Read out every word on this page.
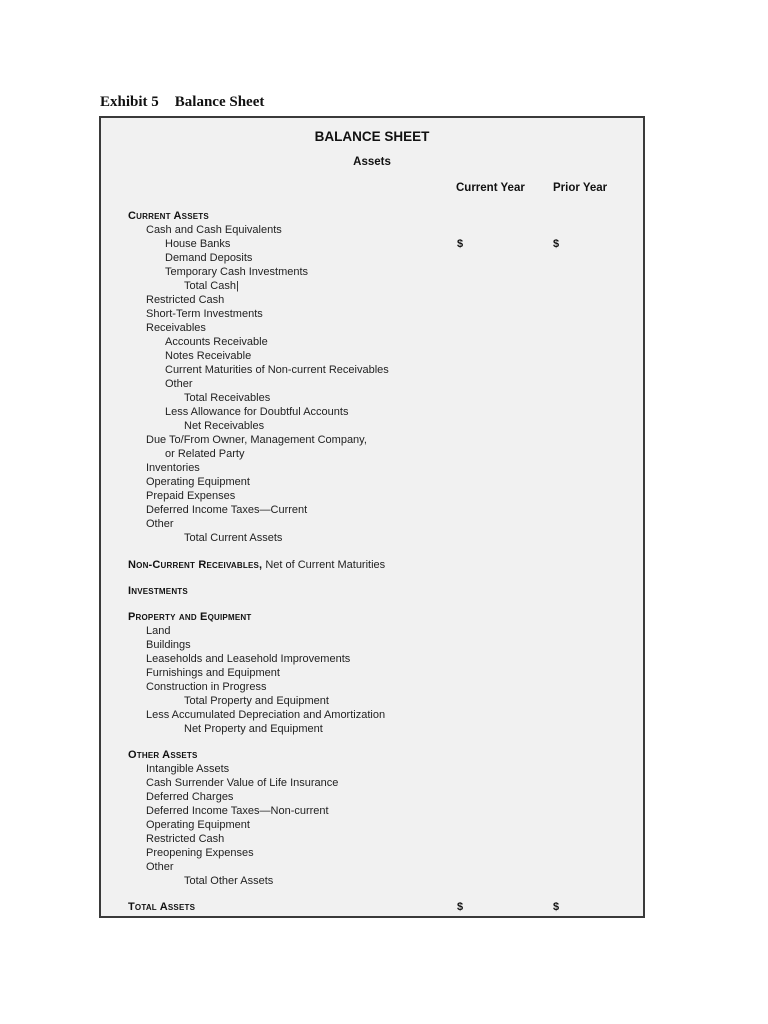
Exhibit 5 Balance Sheet
BALANCE SHEET
Assets
Current Year Prior Year
Current Assets
Cash and Cash Equivalents
House Banks	$	$
Demand Deposits
Temporary Cash Investments
Total Cash|
Restricted Cash
Short-Term Investments
Receivables
Accounts Receivable
Notes Receivable
Current Maturities of Non-current Receivables
Other
Total Receivables
Less Allowance for Doubtful Accounts
Net Receivables
Due To/From Owner, Management Company,
or Related Party
Inventories
Operating Equipment
Prepaid Expenses
Deferred Income Taxes—Current
Other
Total Current Assets
Non-Current Receivables, Net of Current Maturities
Investments
Property and Equipment
Land
Buildings
Leaseholds and Leasehold Improvements
Furnishings and Equipment
Construction in Progress
Total Property and Equipment
Less Accumulated Depreciation and Amortization
Net Property and Equipment
Other Assets
Intangible Assets
Cash Surrender Value of Life Insurance
Deferred Charges
Deferred Income Taxes—Non-current
Operating Equipment
Restricted Cash
Preopening Expenses
Other
Total Other Assets
Total Assets	$	$
